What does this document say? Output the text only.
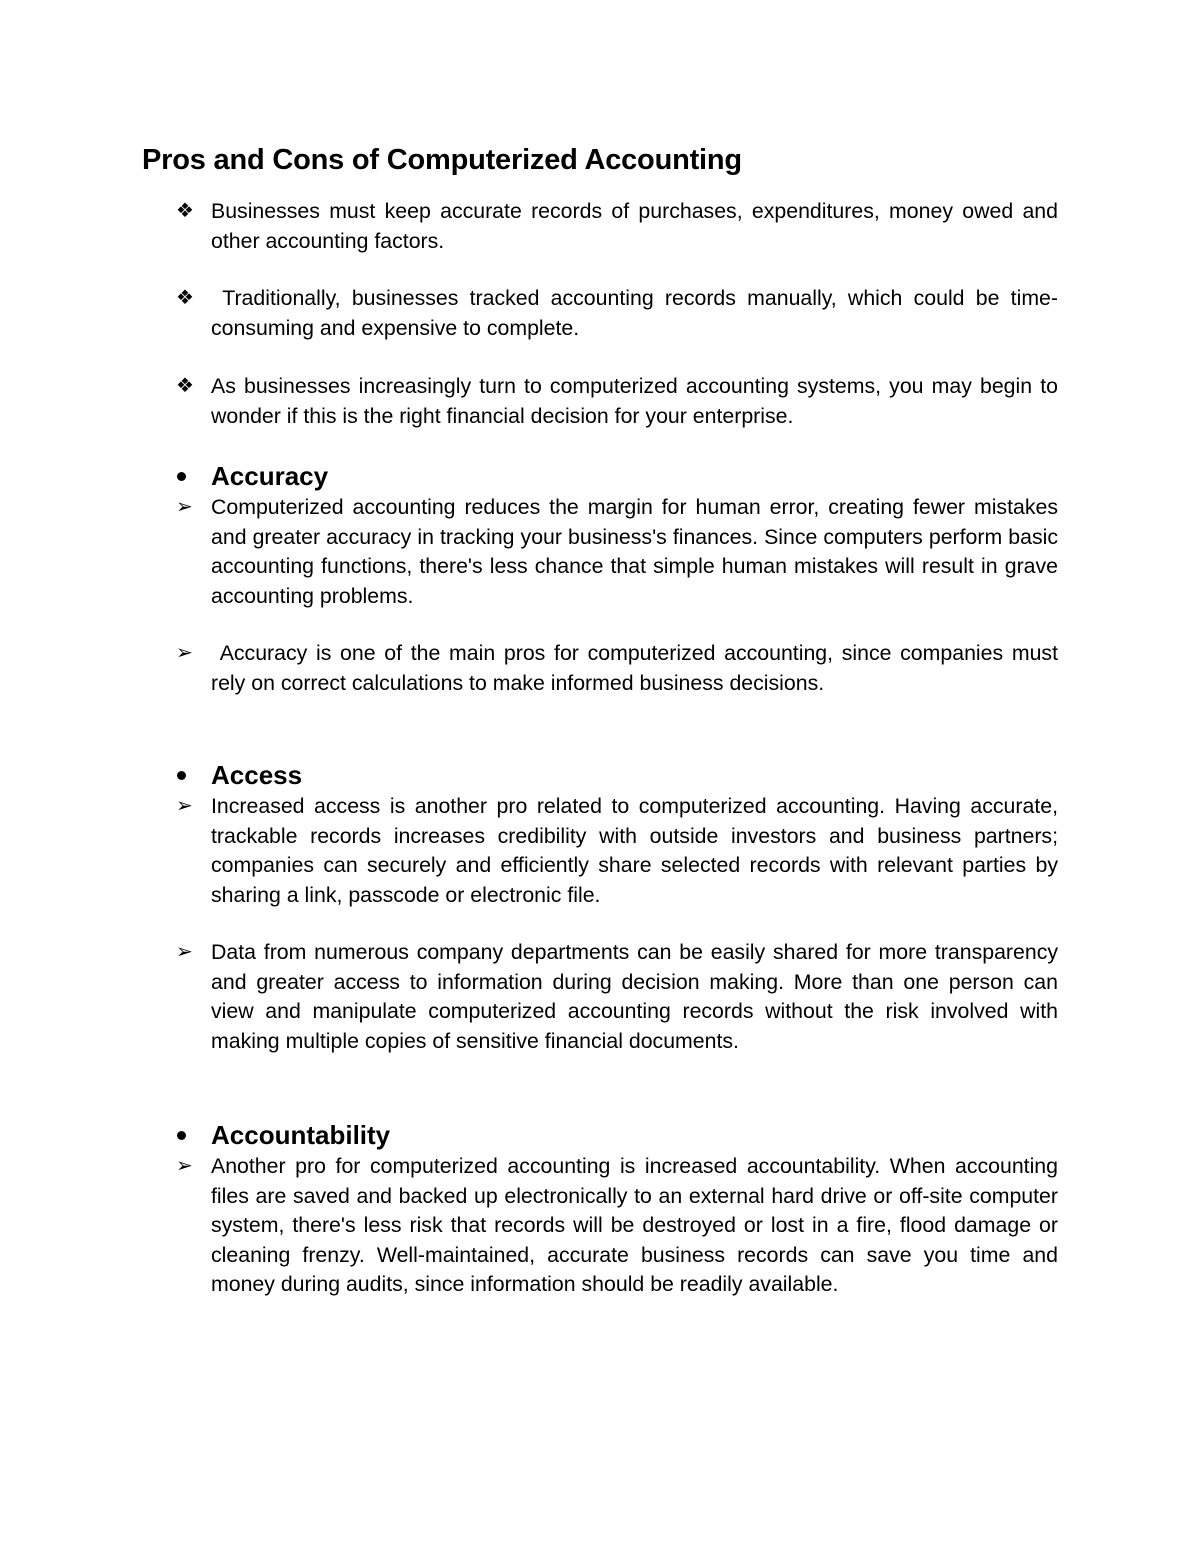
Pros and Cons of Computerized Accounting

❖ Businesses must keep accurate records of purchases, expenditures, money owed and other accounting factors.

❖ Traditionally, businesses tracked accounting records manually, which could be time-consuming and expensive to complete.

❖ As businesses increasingly turn to computerized accounting systems, you may begin to wonder if this is the right financial decision for your enterprise.

Accuracy

➢ Computerized accounting reduces the margin for human error, creating fewer mistakes and greater accuracy in tracking your business's finances. Since computers perform basic accounting functions, there's less chance that simple human mistakes will result in grave accounting problems.

➢ Accuracy is one of the main pros for computerized accounting, since companies must rely on correct calculations to make informed business decisions.

Access

➢ Increased access is another pro related to computerized accounting. Having accurate, trackable records increases credibility with outside investors and business partners; companies can securely and efficiently share selected records with relevant parties by sharing a link, passcode or electronic file.

➢ Data from numerous company departments can be easily shared for more transparency and greater access to information during decision making. More than one person can view and manipulate computerized accounting records without the risk involved with making multiple copies of sensitive financial documents.

Accountability

➢ Another pro for computerized accounting is increased accountability. When accounting files are saved and backed up electronically to an external hard drive or off-site computer system, there's less risk that records will be destroyed or lost in a fire, flood damage or cleaning frenzy. Well-maintained, accurate business records can save you time and money during audits, since information should be readily available.
